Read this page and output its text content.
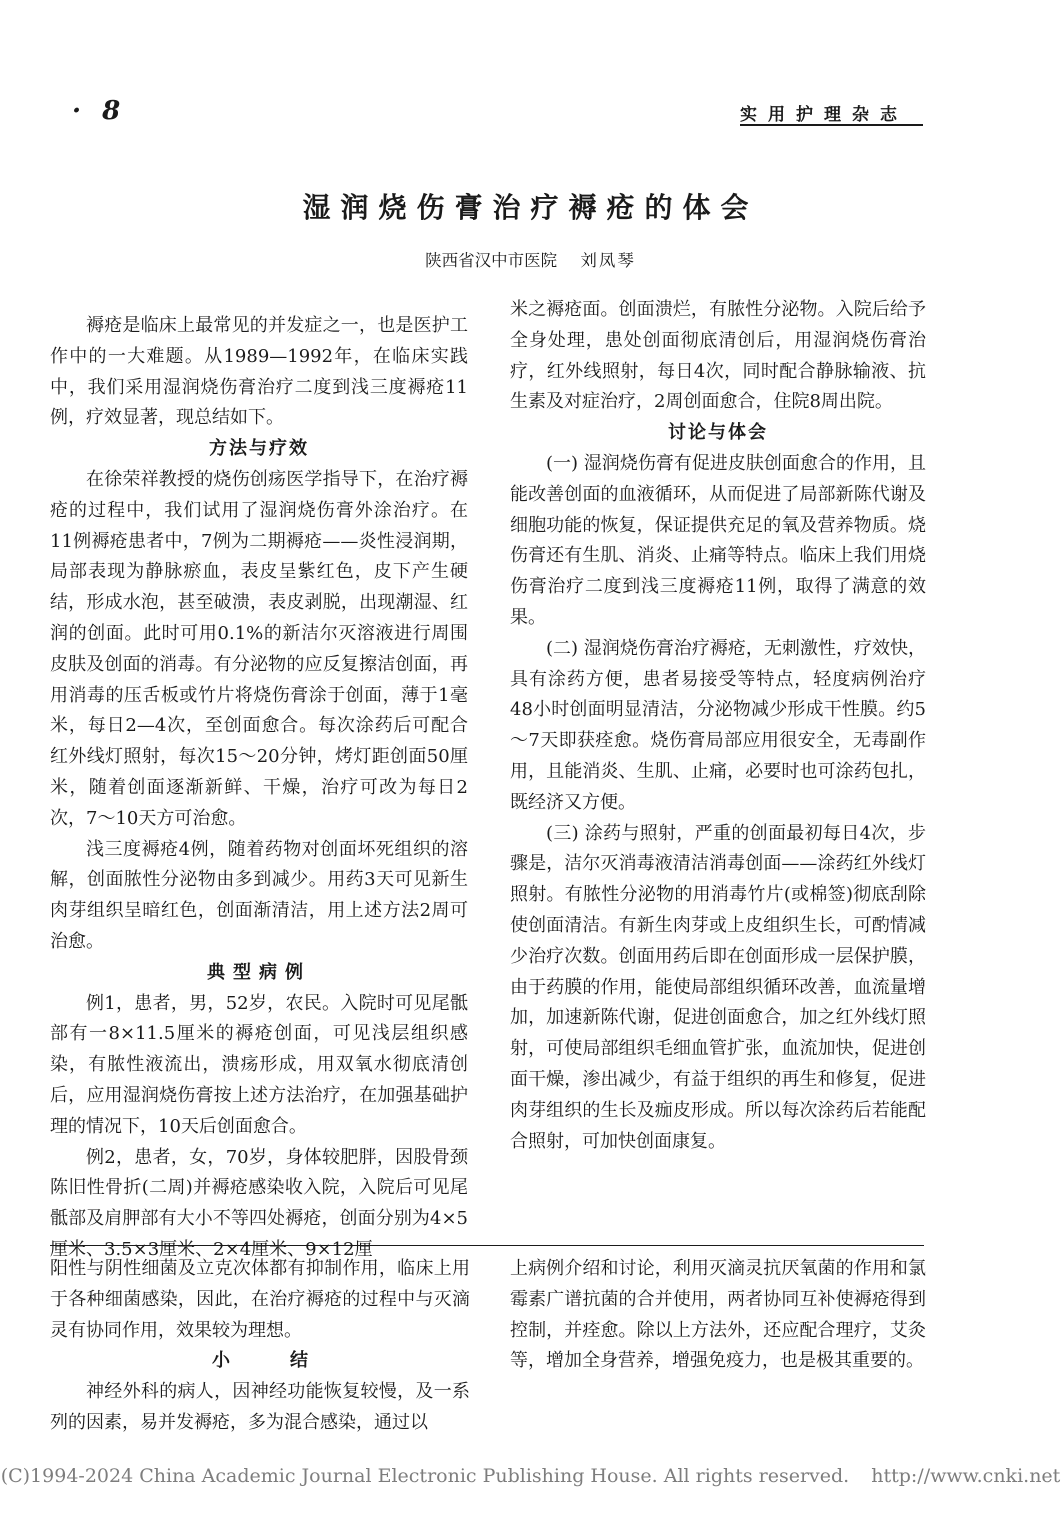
· 8	实用护理杂志
湿润烧伤膏治疗褥疮的体会
陕西省汉中市医院 刘凤琴

褥疮是临床上最常见的并发症之一，也是医护工作中的一大难题。从1989—1992年，在临床实践中，我们采用湿润烧伤膏治疗二度到浅三度褥疮11例，疗效显著，现总结如下。

方法与疗效

在徐荣祥教授的烧伤创疡医学指导下，在治疗褥疮的过程中，我们试用了湿润烧伤膏外涂治疗。在11例褥疮患者中，7例为二期褥疮——炎性浸润期，局部表现为静脉瘀血，表皮呈紫红色，皮下产生硬结，形成水泡，甚至破溃，表皮剥脱，出现潮湿、红润的创面。此时可用0.1%的新洁尔灭溶液进行周围皮肤及创面的消毒。有分泌物的应反复擦洁创面，再用消毒的压舌板或竹片将烧伤膏涂于创面，薄于1毫米，每日2—4次，至创面愈合。每次涂药后可配合红外线灯照射，每次15～20分钟，烤灯距创面50厘米，随着创面逐渐新鲜、干燥，治疗可改为每日2次，7～10天方可治愈。

浅三度褥疮4例，随着药物对创面坏死组织的溶解，创面脓性分泌物由多到减少。用药3天可见新生肉芽组织呈暗红色，创面渐清洁，用上述方法2周可治愈。

典型病例

例1，患者，男，52岁，农民。入院时可见尾骶部有一8×11.5厘米的褥疮创面，可见浅层组织感染，有脓性液流出，溃疡形成，用双氧水彻底清创后，应用湿润烧伤膏按上述方法治疗，在加强基础护理的情况下，10天后创面愈合。

例2，患者，女，70岁，身体较肥胖，因股骨颈陈旧性骨折(二周)并褥疮感染收入院，入院后可见尾骶部及肩胛部有大小不等四处褥疮，创面分别为4×5厘米、3.5×3厘米、2×4厘米、9×12厘

米之褥疮面。创面溃烂，有脓性分泌物。入院后给予全身处理，患处创面彻底清创后，用湿润烧伤膏治疗，红外线照射，每日4次，同时配合静脉输液、抗生素及对症治疗，2周创面愈合，住院8周出院。

讨论与体会

(一) 湿润烧伤膏有促进皮肤创面愈合的作用，且能改善创面的血液循环，从而促进了局部新陈代谢及细胞功能的恢复，保证提供充足的氧及营养物质。烧伤膏还有生肌、消炎、止痛等特点。临床上我们用烧伤膏治疗二度到浅三度褥疮11例，取得了满意的效果。

(二) 湿润烧伤膏治疗褥疮，无刺激性，疗效快，具有涂药方便，患者易接受等特点，轻度病例治疗48小时创面明显清洁，分泌物减少形成干性膜。约5～7天即获痊愈。烧伤膏局部应用很安全，无毒副作用，且能消炎、生肌、止痛，必要时也可涂药包扎，既经济又方便。

(三) 涂药与照射，严重的创面最初每日4次，步骤是，洁尔灭消毒液清洁消毒创面——涂药红外线灯照射。有脓性分泌物的用消毒竹片(或棉签)彻底刮除使创面清洁。有新生肉芽或上皮组织生长，可酌情减少治疗次数。创面用药后即在创面形成一层保护膜，由于药膜的作用，能使局部组织循环改善，血流量增加，加速新陈代谢，促进创面愈合，加之红外线灯照射，可使局部组织毛细血管扩张，血流加快，促进创面干燥，渗出减少，有益于组织的再生和修复，促进肉芽组织的生长及痂皮形成。所以每次涂药后若能配合照射，可加快创面康复。

阳性与阴性细菌及立克次体都有抑制作用，临床上用于各种细菌感染，因此，在治疗褥疮的过程中与灭滴灵有协同作用，效果较为理想。

小结

神经外科的病人，因神经功能恢复较慢，及一系列的因素，易并发褥疮，多为混合感染，通过以

上病例介绍和讨论，利用灭滴灵抗厌氧菌的作用和氯霉素广谱抗菌的合并使用，两者协同互补使褥疮得到控制，并痊愈。除以上方法外，还应配合理疗，艾灸等，增加全身营养，增强免疫力，也是极其重要的。

(C)1994-2024 China Academic Journal Electronic Publishing House. All rights reserved. http://www.cnki.net
